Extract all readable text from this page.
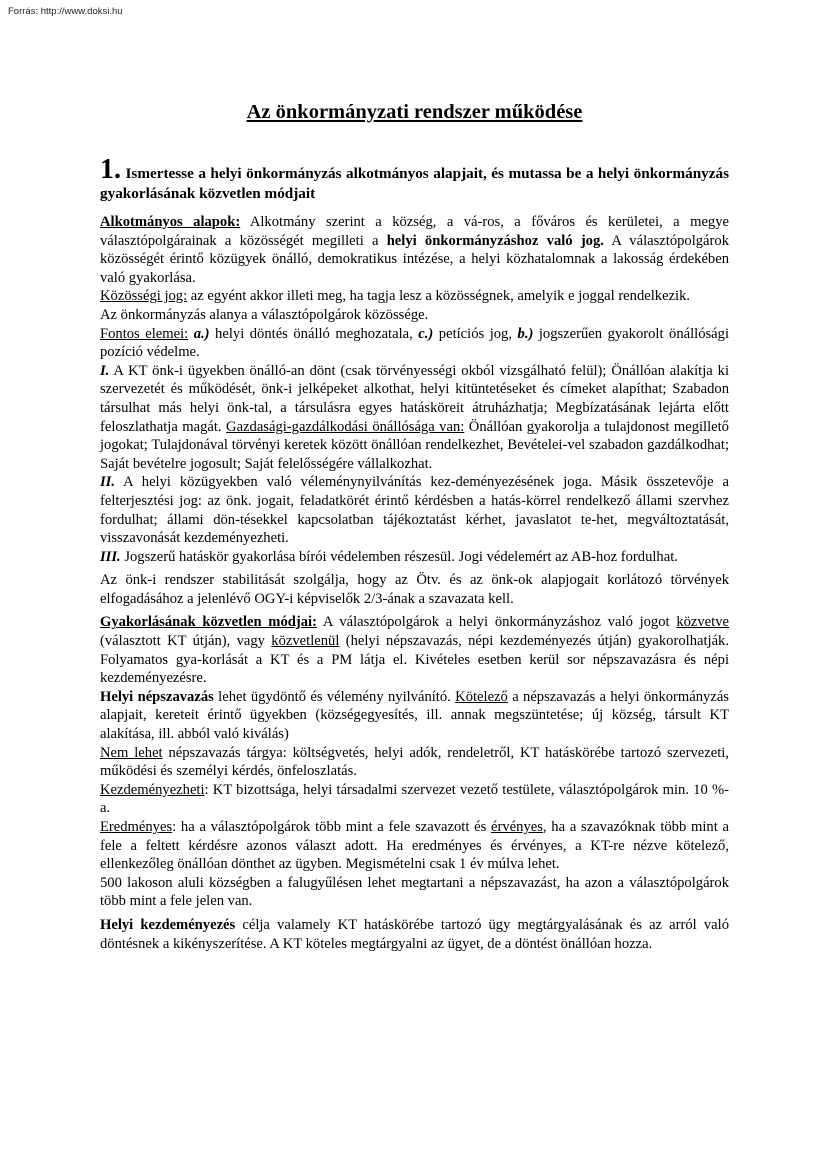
Forrás: http://www.doksi.hu
Az önkormányzati rendszer működése

1. Ismertesse a helyi önkormányzás alkotmányos alapjait, és mutassa be a helyi önkormányzás gyakorlásának közvetlen módjait

Alkotmányos alapok: Alkotmány szerint a község, a vá-ros, a főváros és kerületei, a megye választópolgárainak a közösségét megilleti a helyi önkormányzáshoz való jog. A választópolgárok közösségét érintő közügyek önálló, demokratikus intézése, a helyi közhatalomnak a lakosság érdekében való gyakorlása.

Közösségi jog: az egyént akkor illeti meg, ha tagja lesz a közösségnek, amelyik e joggal rendelkezik.

Az önkormányzás alanya a választópolgárok közössége.

Fontos elemei: a.) helyi döntés önálló meghozatala, c.) petíciós jog, b.) jogszerűen gyakorolt önállósági pozíció védelme.

I. A KT önk-i ügyekben önálló-an dönt (csak törvényességi okból vizsgálható felül); Önállóan alakítja ki szervezetét és működését, önk-i jelképeket alkothat, helyi kitüntetéseket és címeket alapíthat; Szabadon társulhat más helyi önk-tal, a társulásra egyes hatásköreit átruházhatja; Megbízatásának lejárta előtt feloszlathatja magát. Gazdasági-gazdálkodási önállósága van: Önállóan gyakorolja a tulajdonost megillető jogokat; Tulajdonával törvényi keretek között önállóan rendelkezhet, Bevételei-vel szabadon gazdálkodhat; Saját bevételre jogosult; Saját felelősségére vállalkozhat.

II. A helyi közügyekben való véleménynyilvánítás kez-deményezésének joga. Másik összetevője a felterjesztési jog: az önk. jogait, feladatkörét érintő kérdésben a hatás-körrel rendelkező állami szervhez fordulhat; állami dön-tésekkel kapcsolatban tájékoztatást kérhet, javaslatot te-het, megváltoztatását, visszavonását kezdeményezheti.

III. Jogszerű hatáskör gyakorlása bírói védelemben részesül. Jogi védelemért az AB-hoz fordulhat.

Az önk-i rendszer stabilitását szolgálja, hogy az Ötv. és az önk-ok alapjogait korlátozó törvények elfogadásához a jelenlévő OGY-i képviselők 2/3-ának a szavazata kell.

Gyakorlásának közvetlen módjai: A választópolgárok a helyi önkormányzáshoz való jogot közvetve (választott KT útján), vagy közvetlenül (helyi népszavazás, népi kezdeményezés útján) gyakorolhatják. Folyamatos gya-korlását a KT és a PM látja el. Kivételes esetben kerül sor népszavazásra és népi kezdeményezésre.

Helyi népszavazás lehet ügydöntő és vélemény nyilvánító. Kötelező a népszavazás a helyi önkormányzás alapjait, kereteit érintő ügyekben (községegyesítés, ill. annak megszüntetése; új község, társult KT alakítása, ill. abból való kiválás)

Nem lehet népszavazás tárgya: költségvetés, helyi adók, rendeletről, KT hatáskörébe tartozó szervezeti, működési és személyi kérdés, önfeloszlatás.

Kezdeményezheti: KT bizottsága, helyi társadalmi szervezet vezető testülete, választópolgárok min. 10 %-a.

Eredményes: ha a választópolgárok több mint a fele szavazott és érvényes, ha a szavazóknak több mint a fele a feltett kérdésre azonos választ adott. Ha eredményes és érvényes, a KT-re nézve kötelező, ellenkezőleg önállóan dönthet az ügyben. Megismételni csak 1 év múlva lehet.

500 lakoson aluli községben a falugyűlésen lehet megtartani a népszavazást, ha azon a választópolgárok több mint a fele jelen van.

Helyi kezdeményezés célja valamely KT hatáskörébe tartozó ügy megtárgyalásának és az arról való döntésnek a kikényszerítése. A KT köteles megtárgyalni az ügyet, de a döntést önállóan hozza.
